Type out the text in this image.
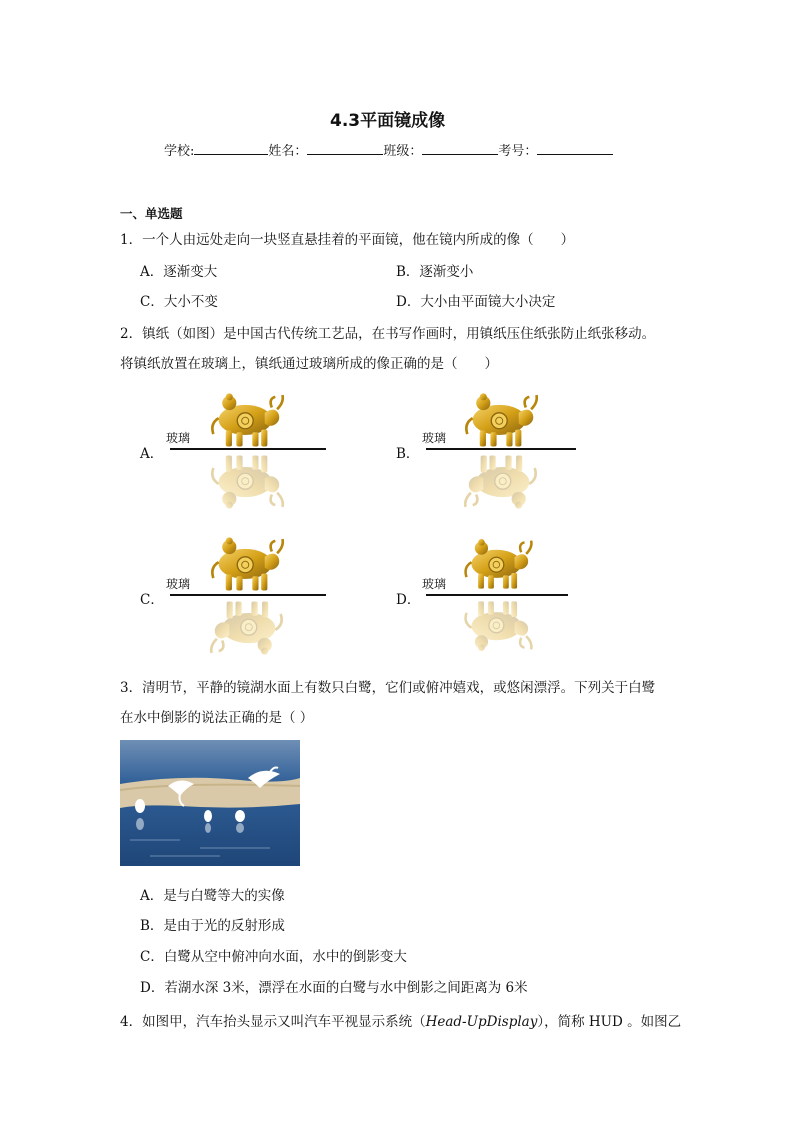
4.3平面镜成像
学校:	姓名：	班级：	考号：
一、单选题
1．一个人由远处走向一块竖直悬挂着的平面镜，他在镜内所成的像（　　）
A．逐渐变大	B．逐渐变小
C．大小不变	D．大小由平面镜大小决定
2．镇纸（如图）是中国古代传统工艺品，在书写作画时，用镇纸压住纸张防止纸张移动。
将镇纸放置在玻璃上，镇纸通过玻璃所成的像正确的是（　　）
A．
玻璃
B．
玻璃
C．
玻璃
D．
玻璃
3．清明节，平静的镜湖水面上有数只白鹭，它们或俯冲嬉戏，或悠闲漂浮。下列关于白鹭
在水中倒影的说法正确的是（ ）
A．是与白鹭等大的实像
B．是由于光的反射形成
C．白鹭从空中俯冲向水面，水中的倒影变大
D．若湖水深 3米，漂浮在水面的白鹭与水中倒影之间距离为 6米
4．如图甲，汽车抬头显示又叫汽车平视显示系统（Head-UpDisplay），简称 HUD 。如图乙
